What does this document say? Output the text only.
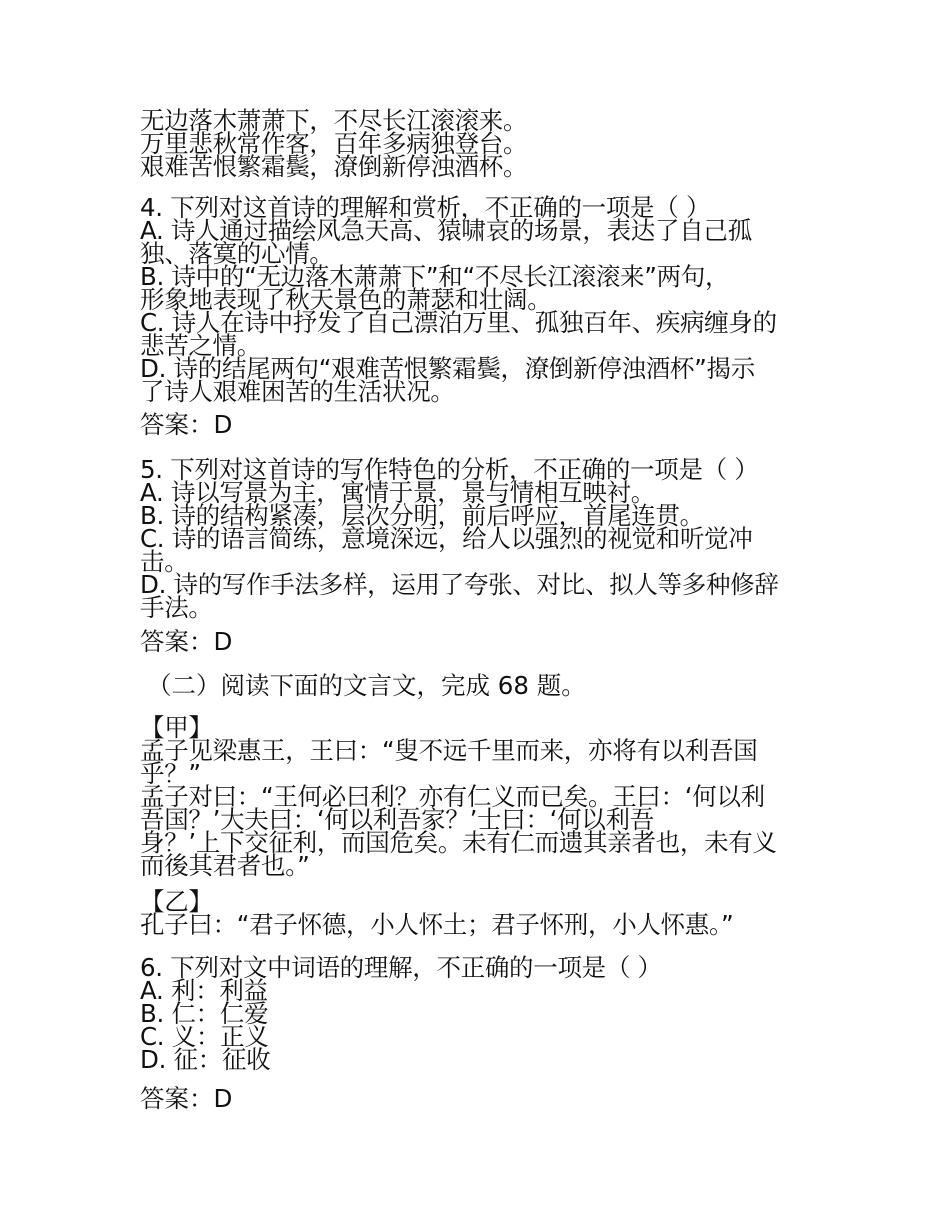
无边落木萧萧下，不尽长江滚滚来。
万里悲秋常作客，百年多病独登台。
艰难苦恨繁霜鬓，潦倒新停浊酒杯。
4. 下列对这首诗的理解和赏析，不正确的一项是（ ）
A. 诗人通过描绘风急天高、猿啸哀的场景，表达了自己孤
独、落寞的心情。
B. 诗中的“无边落木萧萧下”和“不尽长江滚滚来”两句，
形象地表现了秋天景色的萧瑟和壮阔。
C. 诗人在诗中抒发了自己漂泊万里、孤独百年、疾病缠身的
悲苦之情。
D. 诗的结尾两句“艰难苦恨繁霜鬓，潦倒新停浊酒杯”揭示
了诗人艰难困苦的生活状况。
答案：D
5. 下列对这首诗的写作特色的分析，不正确的一项是（ ）
A. 诗以写景为主，寓情于景，景与情相互映衬。
B. 诗的结构紧凑，层次分明，前后呼应，首尾连贯。
C. 诗的语言简练，意境深远，给人以强烈的视觉和听觉冲
击。
D. 诗的写作手法多样，运用了夸张、对比、拟人等多种修辞
手法。
答案：D
（二）阅读下面的文言文，完成 68 题。
【甲】
孟子见梁惠王，王曰：“叟不远千里而来，亦将有以利吾国
乎？”
孟子对曰：“王何必曰利？亦有仁义而已矣。王曰：‘何以利
吾国？’大夫曰：‘何以利吾家？’士曰：‘何以利吾
身？’上下交征利，而国危矣。未有仁而遗其亲者也，未有义
而後其君者也。”
【乙】
孔子曰：“君子怀德，小人怀土；君子怀刑，小人怀惠。”
6. 下列对文中词语的理解，不正确的一项是（ ）
A. 利：利益
B. 仁：仁爱
C. 义：正义
D. 征：征收
答案：D
